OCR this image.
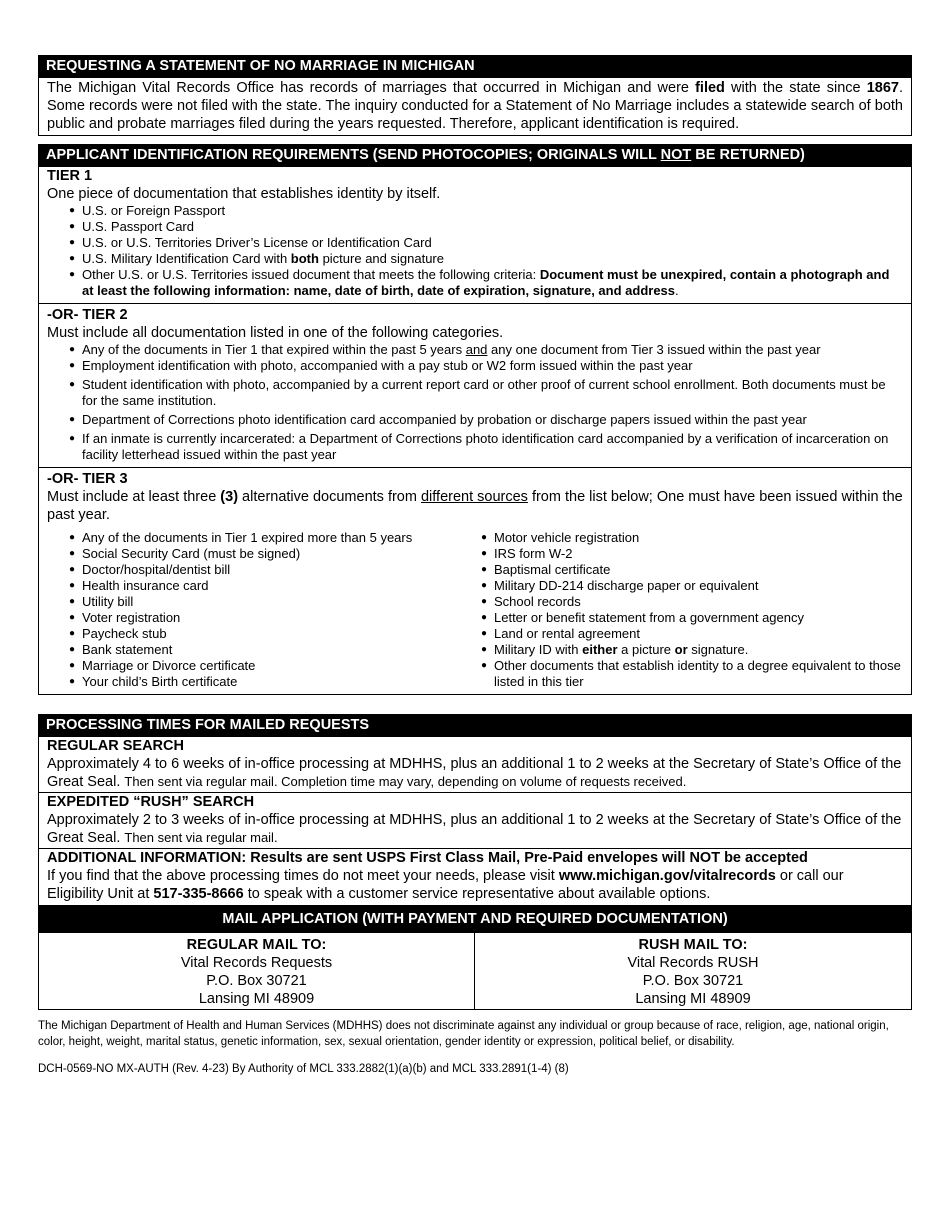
REQUESTING A STATEMENT OF NO MARRIAGE IN MICHIGAN
The Michigan Vital Records Office has records of marriages that occurred in Michigan and were filed with the state since 1867. Some records were not filed with the state. The inquiry conducted for a Statement of No Marriage includes a statewide search of both public and probate marriages filed during the years requested. Therefore, applicant identification is required.
APPLICANT IDENTIFICATION REQUIREMENTS (SEND PHOTOCOPIES; ORIGINALS WILL NOT BE RETURNED)
TIER 1
One piece of documentation that establishes identity by itself.
● U.S. or Foreign Passport
● U.S. Passport Card
● U.S. or U.S. Territories Driver’s License or Identification Card
● U.S. Military Identification Card with both picture and signature
● Other U.S. or U.S. Territories issued document that meets the following criteria: Document must be unexpired, contain a photograph and at least the following information: name, date of birth, date of expiration, signature, and address.
-OR- TIER 2
Must include all documentation listed in one of the following categories.
● Any of the documents in Tier 1 that expired within the past 5 years and any one document from Tier 3 issued within the past year
● Employment identification with photo, accompanied with a pay stub or W2 form issued within the past year
● Student identification with photo, accompanied by a current report card or other proof of current school enrollment. Both documents must be for the same institution.
● Department of Corrections photo identification card accompanied by probation or discharge papers issued within the past year
● If an inmate is currently incarcerated: a Department of Corrections photo identification card accompanied by a verification of incarceration on facility letterhead issued within the past year
-OR- TIER 3
Must include at least three (3) alternative documents from different sources from the list below; One must have been issued within the past year.
● Any of the documents in Tier 1 expired more than 5 years
● Social Security Card (must be signed)
● Doctor/hospital/dentist bill
● Health insurance card
● Utility bill
● Voter registration
● Paycheck stub
● Bank statement
● Marriage or Divorce certificate
● Your child’s Birth certificate
● Motor vehicle registration
● IRS form W-2
● Baptismal certificate
● Military DD-214 discharge paper or equivalent
● School records
● Letter or benefit statement from a government agency
● Land or rental agreement
● Military ID with either a picture or signature.
● Other documents that establish identity to a degree equivalent to those listed in this tier
PROCESSING TIMES FOR MAILED REQUESTS
REGULAR SEARCH
Approximately 4 to 6 weeks of in-office processing at MDHHS, plus an additional 1 to 2 weeks at the Secretary of State’s Office of the Great Seal. Then sent via regular mail. Completion time may vary, depending on volume of requests received.
EXPEDITED “RUSH” SEARCH
Approximately 2 to 3 weeks of in-office processing at MDHHS, plus an additional 1 to 2 weeks at the Secretary of State’s Office of the Great Seal. Then sent via regular mail.
ADDITIONAL INFORMATION: Results are sent USPS First Class Mail, Pre-Paid envelopes will NOT be accepted
If you find that the above processing times do not meet your needs, please visit www.michigan.gov/vitalrecords or call our Eligibility Unit at 517-335-8666 to speak with a customer service representative about available options.
MAIL APPLICATION (WITH PAYMENT AND REQUIRED DOCUMENTATION)
REGULAR MAIL TO:
Vital Records Requests
P.O. Box 30721
Lansing MI 48909
RUSH MAIL TO:
Vital Records RUSH
P.O. Box 30721
Lansing MI 48909
The Michigan Department of Health and Human Services (MDHHS) does not discriminate against any individual or group because of race, religion, age, national origin, color, height, weight, marital status, genetic information, sex, sexual orientation, gender identity or expression, political belief, or disability.
DCH-0569-NO MX-AUTH (Rev. 4-23) By Authority of MCL 333.2882(1)(a)(b) and MCL 333.2891(1-4) (8)
